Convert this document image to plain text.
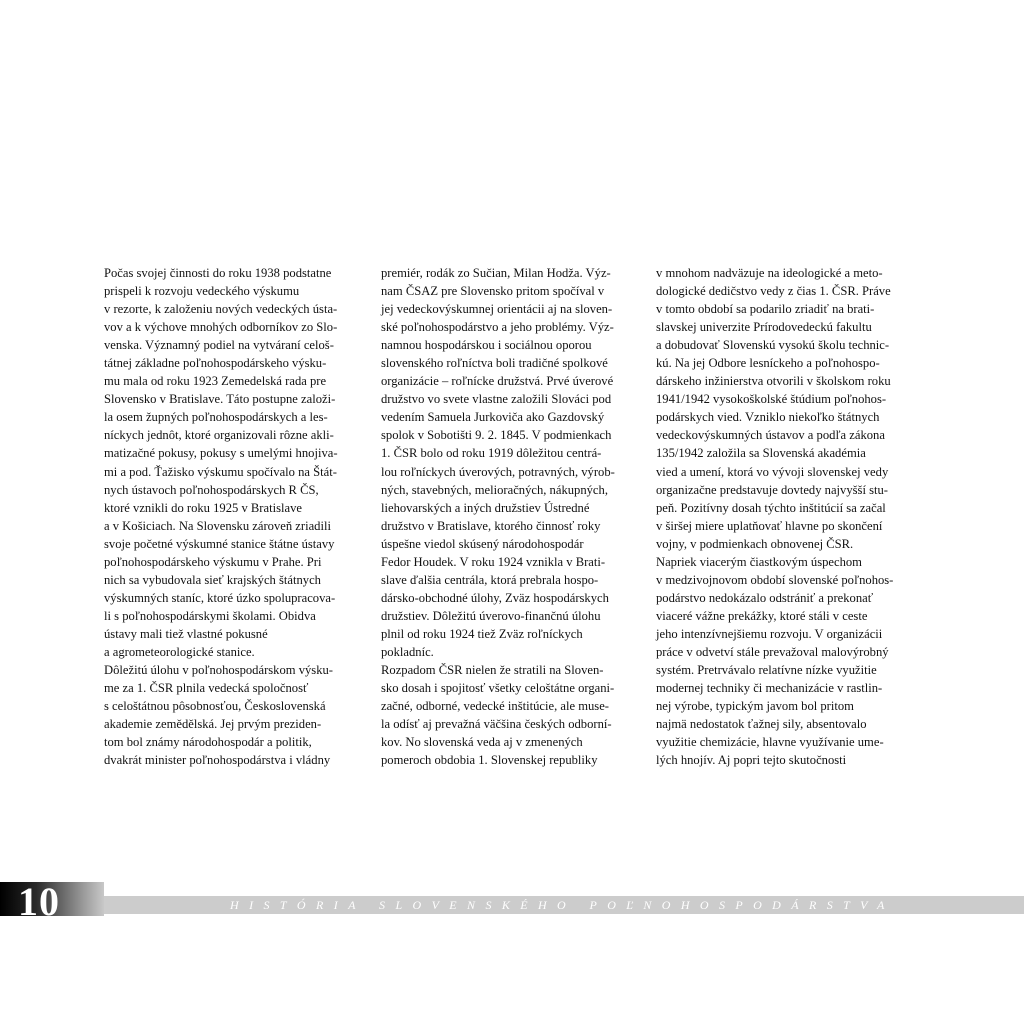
Počas svojej činnosti do roku 1938 podstatne
prispeli k rozvoju vedeckého výskumu
v rezorte, k založeniu nových vedeckých ústa-
vov a k výchove mnohých odborníkov zo Slo-
venska. Významný podiel na vytváraní celoš-
tátnej základne poľnohospodárskeho výsku-
mu mala od roku 1923 Zemedelská rada pre
Slovensko v Bratislave. Táto postupne založi-
la osem župných poľnohospodárskych a les-
níckych jednôt, ktoré organizovali rôzne akli-
matizačné pokusy, pokusy s umelými hnojiva-
mi a pod. Ťažisko výskumu spočívalo na Štát-
nych ústavoch poľnohospodárskych R ČS,
ktoré vznikli do roku 1925 v Bratislave
a v Košiciach. Na Slovensku zároveň zriadili
svoje početné výskumné stanice štátne ústavy
poľnohospodárskeho výskumu v Prahe. Pri
nich sa vybudovala sieť krajských štátnych
výskumných staníc, ktoré úzko spolupracova-
li s poľnohospodárskymi školami. Obidva
ústavy mali tiež vlastné pokusné
a agrometeorologické stanice.
Dôležitú úlohu v poľnohospodárskom výsku-
me za 1. ČSR plnila vedecká spoločnosť
s celoštátnou pôsobnosťou, Československá
akademie zemědělská. Jej prvým preziden-
tom bol známy národohospodár a politik,
dvakrát minister poľnohospodárstva i vládny
premiér, rodák zo Sučian, Milan Hodža. Výz-
nam ČSAZ pre Slovensko pritom spočíval v
jej vedeckovýskumnej orientácii aj na sloven-
ské poľnohospodárstvo a jeho problémy. Výz-
namnou hospodárskou i sociálnou oporou
slovenského roľníctva boli tradičné spolkové
organizácie – roľnícke družstvá. Prvé úverové
družstvo vo svete vlastne založili Slováci pod
vedením Samuela Jurkoviča ako Gazdovský
spolok v Sobotišti 9. 2. 1845. V podmienkach
1. ČSR bolo od roku 1919 dôležitou centrá-
lou roľníckych úverových, potravných, výrob-
ných, stavebných, melioračných, nákupných,
liehovarských a iných družstiev Ústredné
družstvo v Bratislave, ktorého činnosť roky
úspešne viedol skúsený národohospodár
Fedor Houdek. V roku 1924 vznikla v Brati-
slave ďalšia centrála, ktorá prebrala hospo-
dársko-obchodné úlohy, Zväz hospodárskych
družstiev. Dôležitú úverovo-finančnú úlohu
plnil od roku 1924 tiež Zväz roľníckych
pokladníc.
Rozpadom ČSR nielen že stratili na Sloven-
sko dosah i spojitosť všetky celoštátne organi-
začné, odborné, vedecké inštitúcie, ale muse-
la odísť aj prevažná väčšina českých odborní-
kov. No slovenská veda aj v zmenených
pomeroch obdobia 1. Slovenskej republiky
v mnohom nadväzuje na ideologické a meto-
dologické dedičstvo vedy z čias 1. ČSR. Práve
v tomto období sa podarilo zriadiť na brati-
slavskej univerzite Prírodovedeckú fakultu
a dobudovať Slovenskú vysokú školu technic-
kú. Na jej Odbore lesníckeho a poľnohospo-
dárskeho inžinierstva otvorili v školskom roku
1941/1942 vysokoškolské štúdium poľnohos-
podárskych vied. Vzniklo niekoľko štátnych
vedeckovýskumných ústavov a podľa zákona
135/1942 založila sa Slovenská akadémia
vied a umení, ktorá vo vývoji slovenskej vedy
organizačne predstavuje dovtedy najvyšší stu-
peň. Pozitívny dosah týchto inštitúcií sa začal
v širšej miere uplatňovať hlavne po skončení
vojny, v podmienkach obnovenej ČSR.
Napriek viacerým čiastkovým úspechom
v medzivojnovom období slovenské poľnohos-
podárstvo nedokázalo odstrániť a prekonať
viaceré vážne prekážky, ktoré stáli v ceste
jeho intenzívnejšiemu rozvoju. V organizácii
práce v odvetví stále prevažoval malovýrobný
systém. Pretrvávalo relatívne nízke využitie
modernej techniky či mechanizácie v rastlin-
nej výrobe, typickým javom bol pritom
najmä nedostatok ťažnej sily, absentovalo
využitie chemizácie, hlavne využívanie ume-
lých hnojív. Aj popri tejto skutočnosti
10	HISTÓRIA SLOVENSKÉHO POĽNOHOSPODÁRSTVA
